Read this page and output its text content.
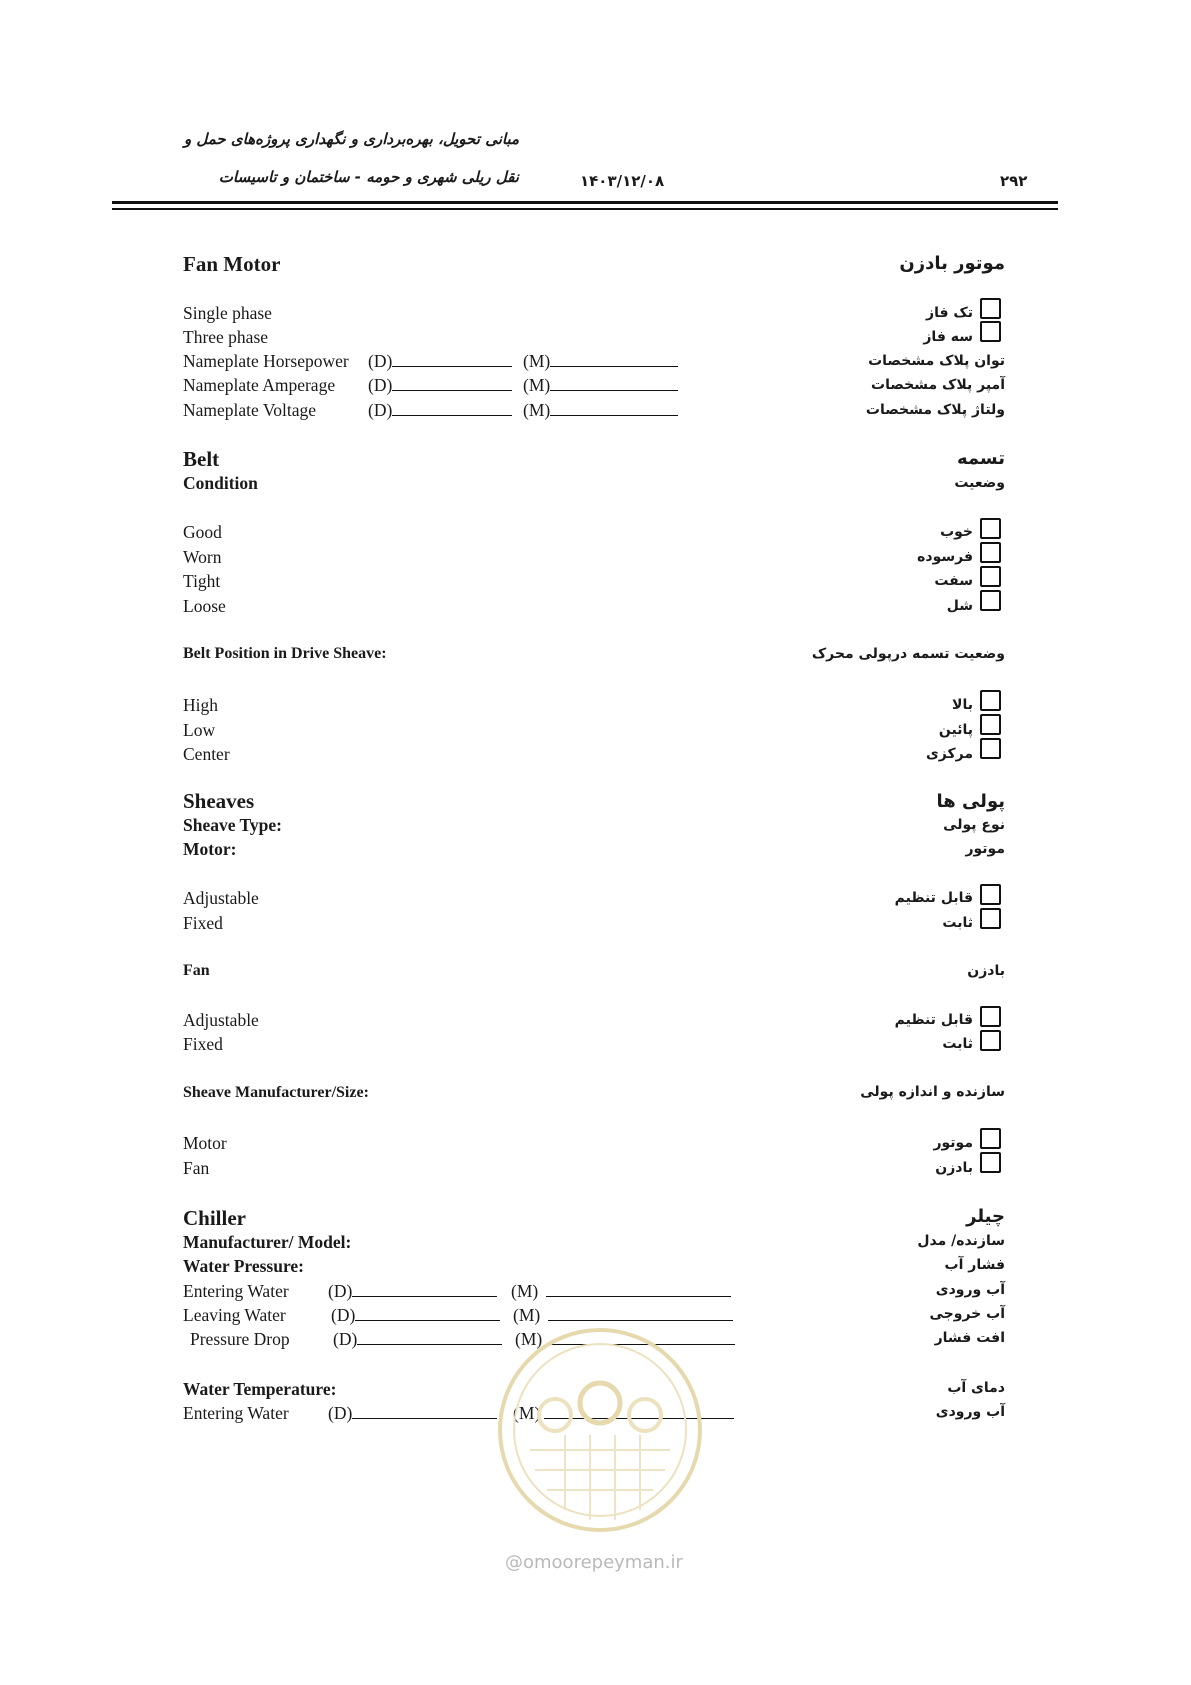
مبانی تحویل، بهره‌برداری و نگهداری پروژه‌های حمل و
نقل ریلی شهری و حومه - ساختمان و تاسیسات	۱۴۰۳/۱۲/۰۸	۲۹۲
Fan Motor	موتور بادزن
Single phase	تک فاز
Three phase	سه فاز
Nameplate Horsepower (D)	(M)	توان پلاک مشخصات
Nameplate Amperage (D)	(M)	آمپر پلاک مشخصات
Nameplate Voltage	(D)	(M)	ولتاژ پلاک مشخصات
Belt	تسمه
Condition	وضعیت
Good	خوب
Worn	فرسوده
Tight	سفت
Loose	شل
Belt Position in Drive Sheave:	وضعیت تسمه درپولی محرک
High	بالا
Low	پائین
Center	مرکزی
Sheaves	پولی ها
Sheave Type:	نوع پولی
Motor:	موتور
Adjustable	قابل تنظیم
Fixed	ثابت
Fan	بادزن
Adjustable	قابل تنظیم
Fixed	ثابت
Sheave Manufacturer/Size:	سازنده و اندازه پولی
Motor	موتور
Fan	بادزن
Chiller	چیلر
Manufacturer/ Model:	سازنده/ مدل
Water Pressure:	فشار آب
Entering Water (D)	(M)	آب ورودی
Leaving Water	(D)	(M)	آب خروجی
Pressure Drop (D)	(M)	افت فشار
Water Temperature:	دمای آب
Entering Water (D)	(M)	آب ورودی
@omoorepeyman.ir
